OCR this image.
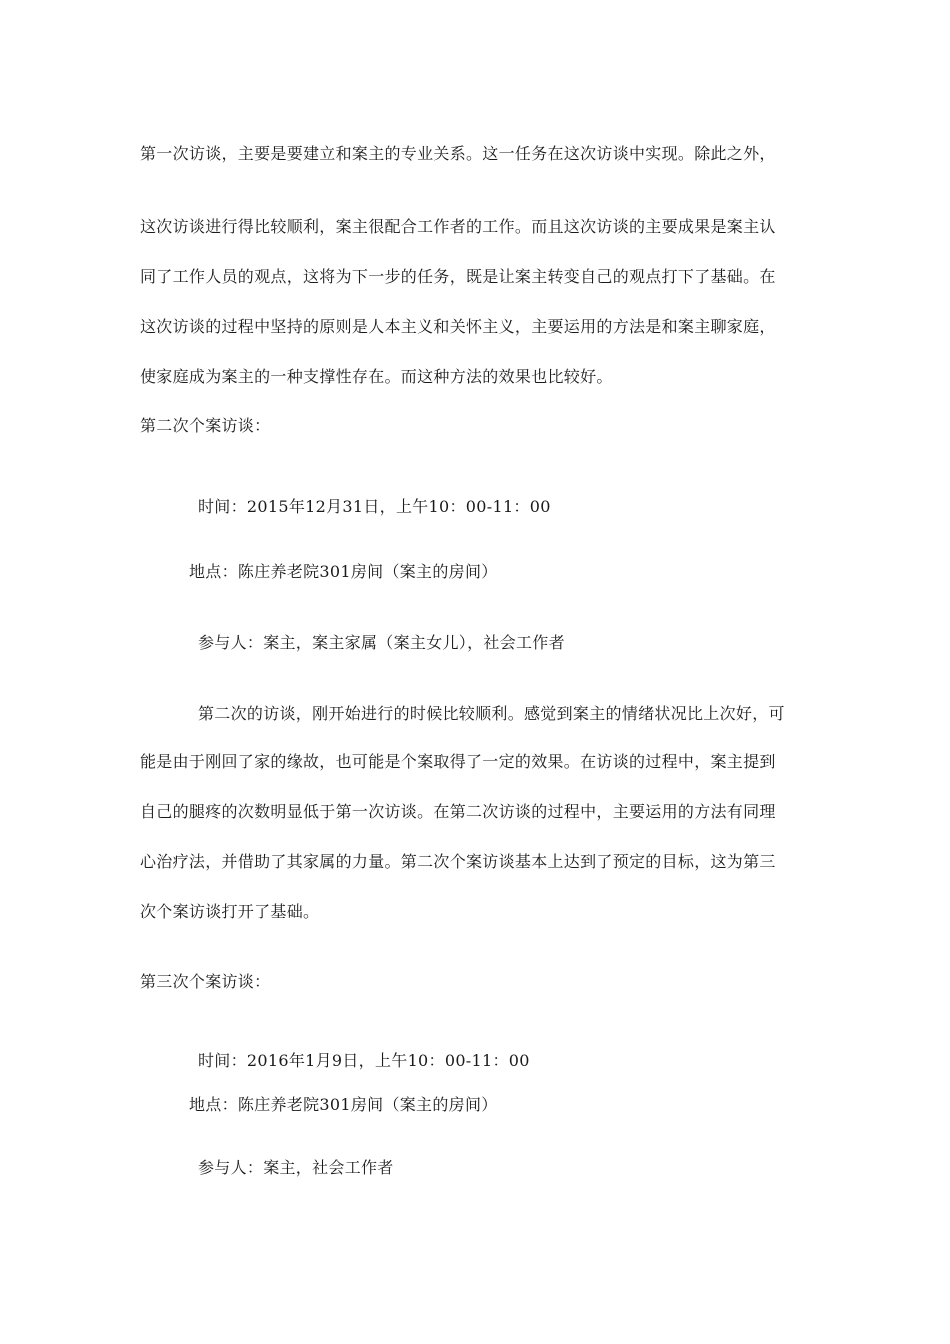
第一次访谈，主要是要建立和案主的专业关系。这一任务在这次访谈中实现。除此之外，
这次访谈进行得比较顺利，案主很配合工作者的工作。而且这次访谈的主要成果是案主认
同了工作人员的观点，这将为下一步的任务，既是让案主转变自己的观点打下了基础。在
这次访谈的过程中坚持的原则是人本主义和关怀主义，主要运用的方法是和案主聊家庭，
使家庭成为案主的一种支撑性存在。而这种方法的效果也比较好。
第二次个案访谈：
时间：2015年12月31日，上午10：00-11：00
地点：陈庄养老院301房间（案主的房间）
参与人：案主，案主家属（案主女儿），社会工作者
第二次的访谈，刚开始进行的时候比较顺利。感觉到案主的情绪状况比上次好，可
能是由于刚回了家的缘故，也可能是个案取得了一定的效果。在访谈的过程中，案主提到
自己的腿疼的次数明显低于第一次访谈。在第二次访谈的过程中，主要运用的方法有同理
心治疗法，并借助了其家属的力量。第二次个案访谈基本上达到了预定的目标，这为第三
次个案访谈打开了基础。
第三次个案访谈：
时间：2016年1月9日，上午10：00-11：00
地点：陈庄养老院301房间（案主的房间）
参与人：案主，社会工作者
